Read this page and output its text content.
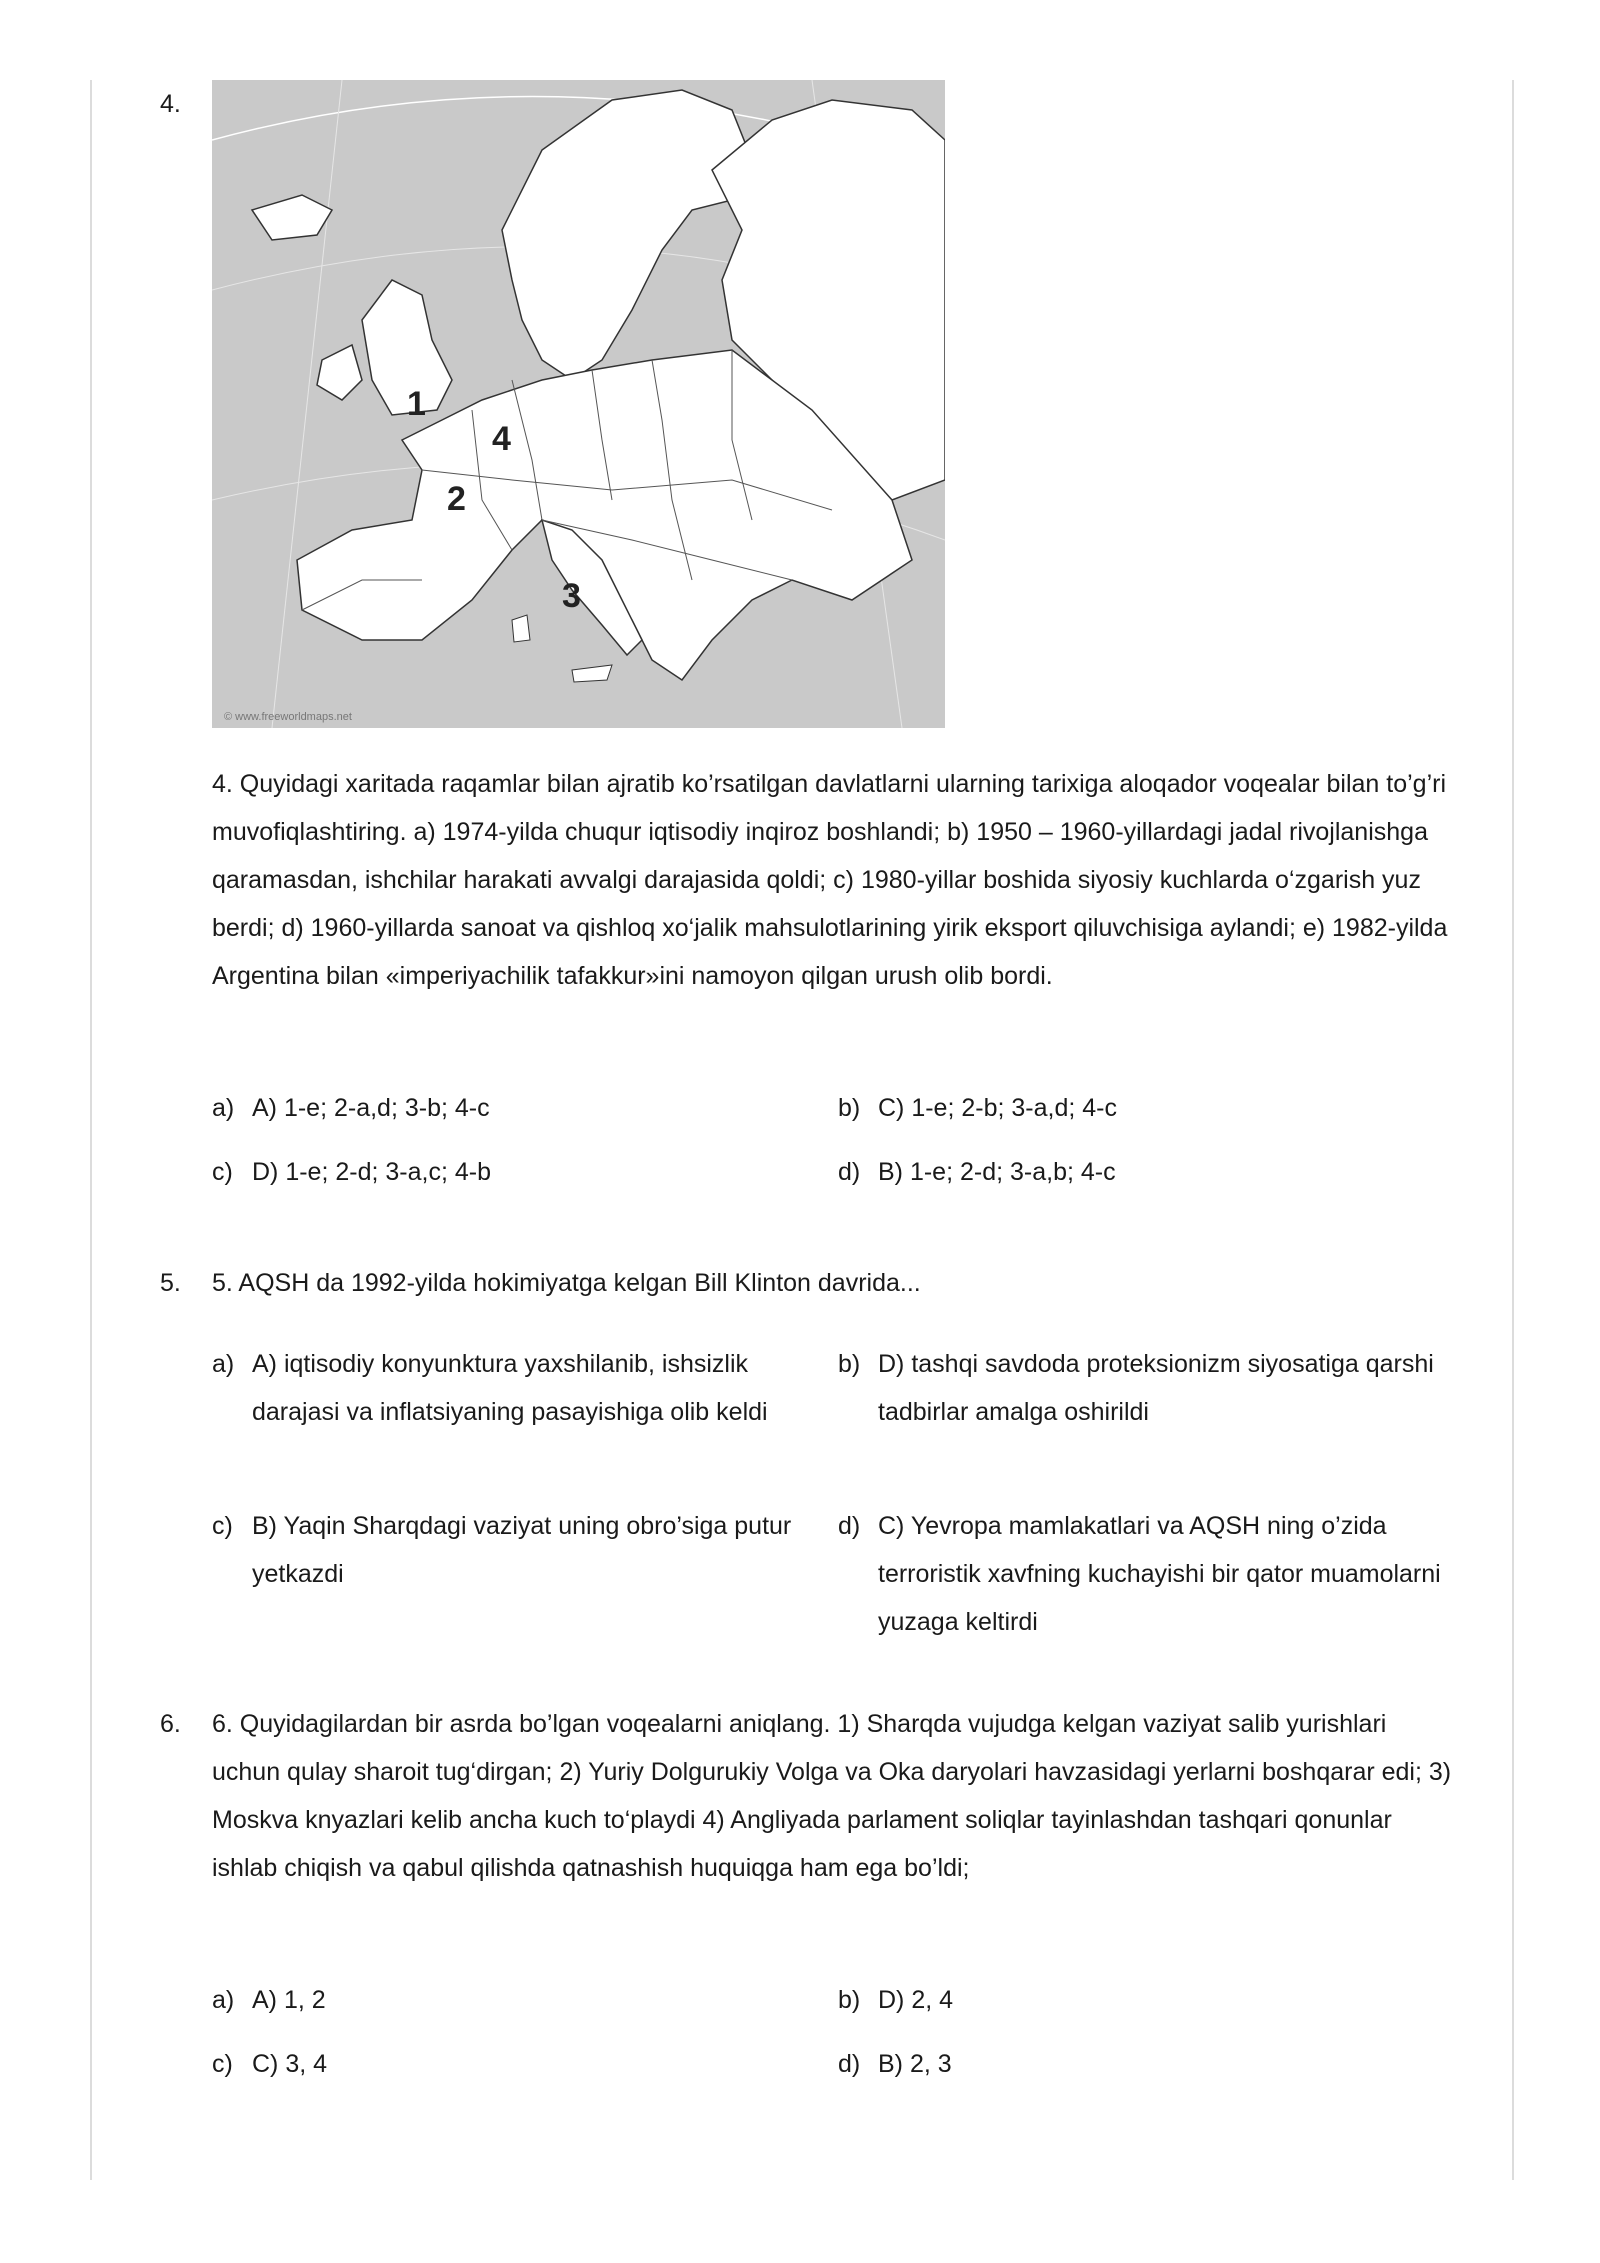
4.
1
2
3
4
© www.freeworldmaps.net
4. Quyidagi xaritada raqamlar bilan ajratib ko’rsatilgan davlatlarni ularning tarixiga aloqador voqealar bilan to’g’ri muvofiqlashtiring. a) 1974-yilda chuqur iqtisodiy inqiroz boshlandi; b) 1950 – 1960-yillardagi jadal rivojlanishga qaramasdan, ishchilar harakati avvalgi darajasida qoldi; c) 1980-yillar boshida siyosiy kuchlarda o‘zgarish yuz berdi; d) 1960-yillarda sanoat va qishloq xo‘jalik mahsulotlarining yirik eksport qiluvchisiga aylandi; e) 1982-yilda Argentina bilan «imperiyachilik tafakkur»ini namoyon qilgan urush olib bordi.
a) A) 1-e; 2-a,d; 3-b; 4-c	b) C) 1-e; 2-b; 3-a,d; 4-c
c) D) 1-e; 2-d; 3-a,c; 4-b	d) B) 1-e; 2-d; 3-a,b; 4-c
5. 5. AQSH da 1992-yilda hokimiyatga kelgan Bill Klinton davrida...
a) A) iqtisodiy konyunktura yaxshilanib, ishsizlik darajasi va inflatsiyaning pasayishiga olib keldi
b) D) tashqi savdoda proteksionizm siyosatiga qarshi tadbirlar amalga oshirildi
c) B) Yaqin Sharqdagi vaziyat uning obro’siga putur yetkazdi
d) C) Yevropa mamlakatlari va AQSH ning o’zida terroristik xavfning kuchayishi bir qator muamolarni yuzaga keltirdi
6. 6. Quyidagilardan bir asrda bo’lgan voqealarni aniqlang. 1) Sharqda vujudga kelgan vaziyat salib yurishlari uchun qulay sharoit tug‘dirgan; 2) Yuriy Dolgurukiy Volga va Oka daryolari havzasidagi yerlarni boshqarar edi; 3) Moskva knyazlari kelib ancha kuch to‘playdi 4) Angliyada parlament soliqlar tayinlashdan tashqari qonunlar ishlab chiqish va qabul qilishda qatnashish huquiqga ham ega bo’ldi;
a) A) 1, 2	b) D) 2, 4
c) C) 3, 4	d) B) 2, 3
